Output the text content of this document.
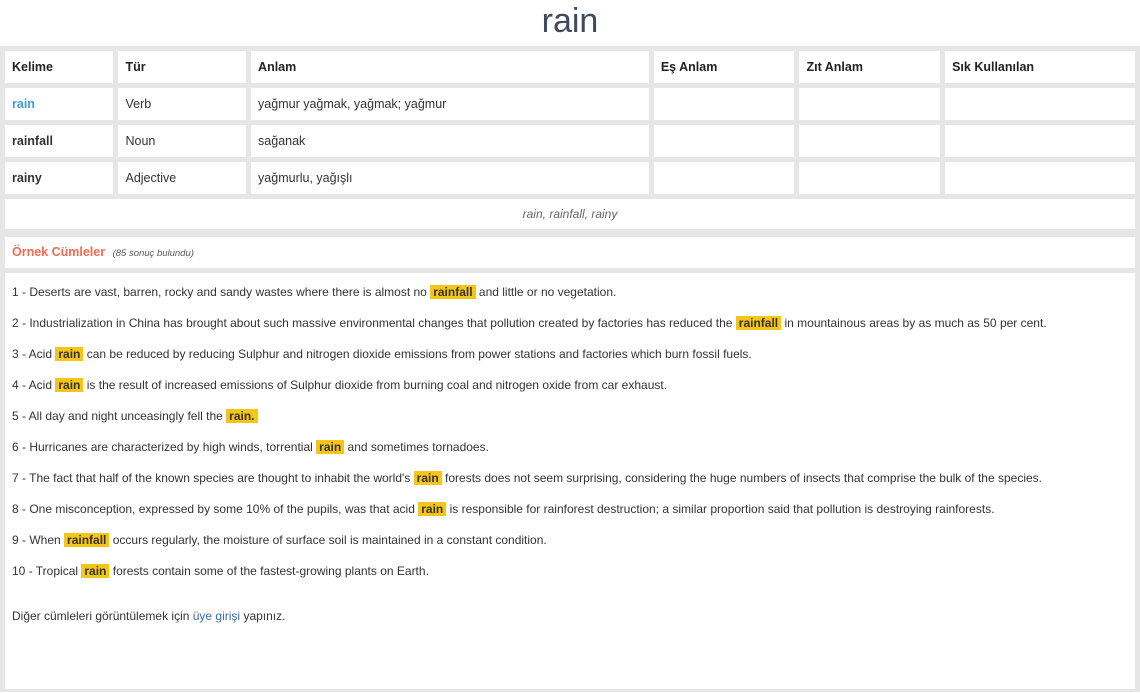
rain
Kelime	Tür	Anlam	Eş Anlam	Zıt Anlam	Sık Kullanılan
rain	Verb	yağmur yağmak, yağmak; yağmur			
rainfall	Noun	sağanak			
rainy	Adjective	yağmurlu, yağışlı			
rain, rainfall, rainy					
Örnek Cümleler (85 sonuç bulundu)

1 - Deserts are vast, barren, rocky and sandy wastes where there is almost no rainfall and little or no vegetation.

2 - Industrialization in China has brought about such massive environmental changes that pollution created by factories has reduced the rainfall in mountainous areas by as much as 50 per cent.

3 - Acid rain can be reduced by reducing Sulphur and nitrogen dioxide emissions from power stations and factories which burn fossil fuels.

4 - Acid rain is the result of increased emissions of Sulphur dioxide from burning coal and nitrogen oxide from car exhaust.

5 - All day and night unceasingly fell the rain.

6 - Hurricanes are characterized by high winds, torrential rain and sometimes tornadoes.

7 - The fact that half of the known species are thought to inhabit the world's rain forests does not seem surprising, considering the huge numbers of insects that comprise the bulk of the species.

8 - One misconception, expressed by some 10% of the pupils, was that acid rain is responsible for rainforest destruction; a similar proportion said that pollution is destroying rainforests.

9 - When rainfall occurs regularly, the moisture of surface soil is maintained in a constant condition.

10 - Tropical rain forests contain some of the fastest-growing plants on Earth.

Diğer cümleleri görüntülemek için üye girişi yapınız.
